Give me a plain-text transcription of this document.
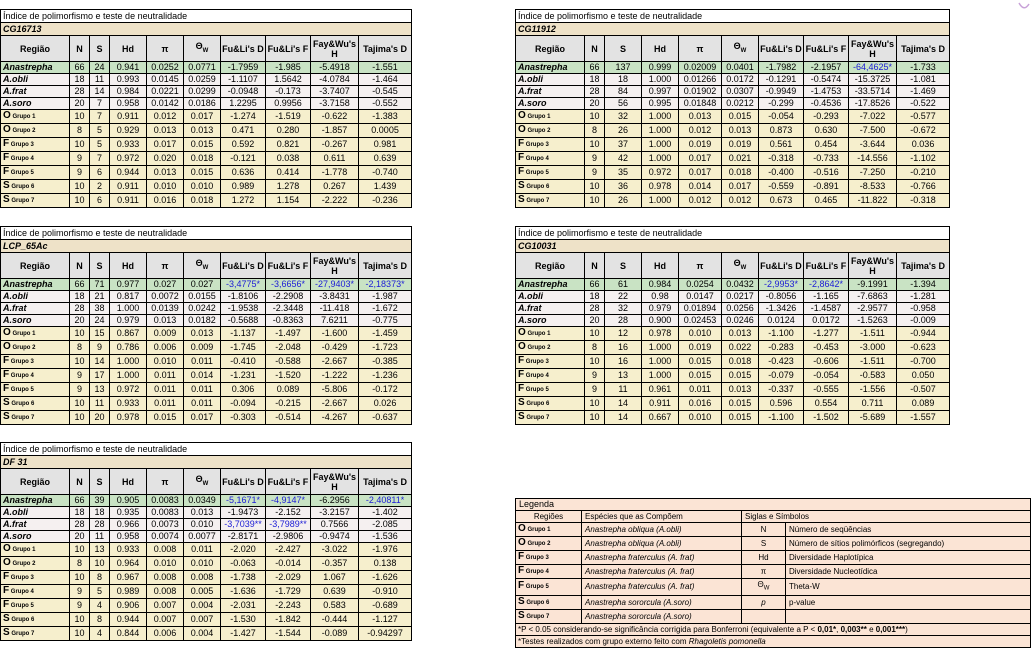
Índice de polimorfismo e teste de neutralidade									
CG16713									
Região	N	S	Hd	π	$\Theta_W$	Fu&Li's D	Fu&Li's F	Fay&Wu's H	Tajima's D
Anastrepha	66	24	0.941	0.0252	0.0771	-1.7959	-1.985	-5.4918	-1.551
A.obli	18	11	0.993	0.0145	0.0259	-1.1107	1.5642	-4.0784	-1.464
A.frat	28	14	0.984	0.0221	0.0299	-0.0948	-0.173	-3.7407	-0.545
A.soro	20	7	0.958	0.0142	0.0186	1.2295	0.9956	-3.7158	-0.552
O Grupo 1	10	7	0.911	0.012	0.017	-1.274	-1.519	-0.622	-1.383
O Grupo 2	8	5	0.929	0.013	0.013	0.471	0.280	-1.857	0.0005
F Grupo 3	10	5	0.933	0.017	0.015	0.592	0.821	-0.267	0.981
F Grupo 4	9	7	0.972	0.020	0.018	-0.121	0.038	0.611	0.639
F Grupo 5	9	6	0.944	0.013	0.015	0.636	0.414	-1.778	-0.740
S Grupo 6	10	2	0.911	0.010	0.010	0.989	1.278	0.267	1.439
S Grupo 7	10	6	0.911	0.016	0.018	1.272	1.154	-2.222	-0.236
Índice de polimorfismo e teste de neutralidade									
CG11912									
Região	N	S	Hd	π	$\Theta_W$	Fu&Li's D	Fu&Li's F	Fay&Wu's H	Tajima's D
Anastrepha	66	137	0.999	0.02009	0.0401	-1.7982	-2.1957	-64,4625*	-1.733
A.obli	18	18	1.000	0.01266	0.0172	-0.1291	-0.5474	-15.3725	-1.081
A.frat	28	84	0.997	0.01902	0.0307	-0.9949	-1.4753	-33.5714	-1.469
A.soro	20	56	0.995	0.01848	0.0212	-0.299	-0.4536	-17.8526	-0.522
O Grupo 1	10	32	1.000	0.013	0.015	-0.054	-0.293	-7.022	-0.577
O Grupo 2	8	26	1.000	0.012	0.013	0.873	0.630	-7.500	-0.672
F Grupo 3	10	37	1.000	0.019	0.019	0.561	0.454	-3.644	0.036
F Grupo 4	9	42	1.000	0.017	0.021	-0.318	-0.733	-14.556	-1.102
F Grupo 5	9	35	0.972	0.017	0.018	-0.400	-0.516	-7.250	-0.210
S Grupo 6	10	36	0.978	0.014	0.017	-0.559	-0.891	-8.533	-0.766
S Grupo 7	10	26	1.000	0.012	0.012	0.673	0.465	-11.822	-0.318
Índice de polimorfismo e teste de neutralidade									
LCP_65Ac									
Região	N	S	Hd	π	$\Theta_W$	Fu&Li's D	Fu&Li's F	Fay&Wu's H	Tajima's D
Anastrepha	66	71	0.977	0.027	0.027	-3,4775*	-3,6656*	-27,9403*	-2,18373*
A.obli	18	21	0.817	0.0072	0.0155	-1.8106	-2.2908	-3.8431	-1.987
A.frat	28	38	1.000	0.0139	0.0242	-1.9538	-2.3448	-11.418	-1.672
A.soro	20	24	0.979	0.013	0.0182	-0.5688	-0.8363	7.6211	-0.775
O Grupo 1	10	15	0.867	0.009	0.013	-1.137	-1.497	-1.600	-1.459
O Grupo 2	8	9	0.786	0.006	0.009	-1.745	-2.048	-0.429	-1.723
F Grupo 3	10	14	1.000	0.010	0.011	-0.410	-0.588	-2.667	-0.385
F Grupo 4	9	17	1.000	0.011	0.014	-1.231	-1.520	-1.222	-1.236
F Grupo 5	9	13	0.972	0.011	0.011	0.306	0.089	-5.806	-0.172
S Grupo 6	10	11	0.933	0.011	0.011	-0.094	-0.215	-2.667	0.026
S Grupo 7	10	20	0.978	0.015	0.017	-0.303	-0.514	-4.267	-0.637
Índice de polimorfismo e teste de neutralidade									
CG10031									
Região	N	S	Hd	π	$\Theta_W$	Fu&Li's D	Fu&Li's F	Fay&Wu's H	Tajima's D
Anastrepha	66	61	0.984	0.0254	0.0432	-2,9953*	-2,8642*	-9.1991	-1.394
A.obli	18	22	0.98	0.0147	0.0217	-0.8056	-1.165	-7.6863	-1.281
A.frat	28	32	0.979	0.01894	0.0256	-1.3426	-1.4587	-2.9577	-0.958
A.soro	20	28	0.900	0.02453	0.0246	0.0124	0.0172	-1.5263	-0.009
O Grupo 1	10	12	0.978	0.010	0.013	-1.100	-1.277	-1.511	-0.944
O Grupo 2	8	16	1.000	0.019	0.022	-0.283	-0.453	-3.000	-0.623
F Grupo 3	10	16	1.000	0.015	0.018	-0.423	-0.606	-1.511	-0.700
F Grupo 4	9	13	1.000	0.015	0.015	-0.079	-0.054	-0.583	0.050
F Grupo 5	9	11	0.961	0.011	0.013	-0.337	-0.555	-1.556	-0.507
S Grupo 6	10	14	0.911	0.016	0.015	0.596	0.554	0.711	0.089
S Grupo 7	10	14	0.667	0.010	0.015	-1.100	-1.502	-5.689	-1.557
Índice de polimorfismo e teste de neutralidade									
DF 31									
Região	N	S	Hd	π	$\Theta_W$	Fu&Li's D	Fu&Li's F	Fay&Wu's H	Tajima's D
Anastrepha	66	39	0.905	0.0083	0.0349	-5,1671*	-4,9147*	-6.2956	-2,40811*
A.obli	18	18	0.935	0.0083	0.013	-1.9473	-2.152	-3.2157	-1.402
A.frat	28	28	0.966	0.0073	0.010	-3,7039**	-3,7989**	0.7566	-2.085
A.soro	20	11	0.958	0.0074	0.0077	-2.8171	-2.9806	-0.9474	-1.536
O Grupo 1	10	13	0.933	0.008	0.011	-2.020	-2.427	-3.022	-1.976
O Grupo 2	8	10	0.964	0.010	0.010	-0.063	-0.014	-0.357	0.138
F Grupo 3	10	8	0.967	0.008	0.008	-1.738	-2.029	1.067	-1.626
F Grupo 4	9	5	0.989	0.008	0.005	-1.636	-1.729	0.639	-0.910
F Grupo 5	9	4	0.906	0.007	0.004	-2.031	-2.243	0.583	-0.689
S Grupo 6	10	8	0.944	0.007	0.007	-1.530	-1.842	-0.444	-1.127
S Grupo 7	10	4	0.844	0.006	0.004	-1.427	-1.544	-0.089	-0.94297
Legenda			
Regiões	Espécies que as Compõem	Siglas e Símbolos	
O Grupo 1	Anastrepha obliqua (A.obli)	N	Número de seqüências
O Grupo 2	Anastrepha obliqua (A.obli)	S	Número de sítios polimórficos (segregando)
F Grupo 3	Anastrepha fraterculus (A. frat)	Hd	Diversidade Haplotípica
F Grupo 4	Anastrepha fraterculus (A. frat)	π	Diversidade Nucleotídica
F Grupo 5	Anastrepha fraterculus (A. frat)	$\Theta_W$	Theta-W
S Grupo 6	Anastrepha sororcula (A.soro)	p	p-value
S Grupo 7	Anastrepha sororcula (A.soro)		
*P < 0.05 considerando-se significância corrigida para Bonferroni (equivalente a P < 0,01*, 0,003** e 0,001***)			
*Testes realizados com grupo externo feito com Rhagoletis pomonella			
